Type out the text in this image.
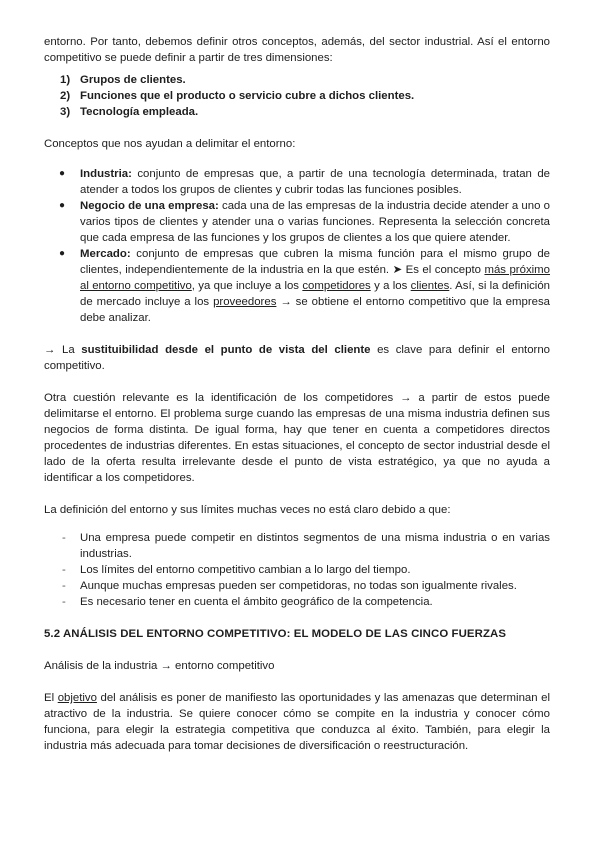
entorno. Por tanto, debemos definir otros conceptos, además, del sector industrial. Así el entorno competitivo se puede definir a partir de tres dimensiones:

1) Grupos de clientes.
2) Funciones que el producto o servicio cubre a dichos clientes.
3) Tecnología empleada.

Conceptos que nos ayudan a delimitar el entorno:

● Industria: conjunto de empresas que, a partir de una tecnología determinada, tratan de atender a todos los grupos de clientes y cubrir todas las funciones posibles.
● Negocio de una empresa: cada una de las empresas de la industria decide atender a uno o varios tipos de clientes y atender una o varias funciones. Representa la selección concreta que cada empresa de las funciones y los grupos de clientes a los que quiere atender.
● Mercado: conjunto de empresas que cubren la misma función para el mismo grupo de clientes, independientemente de la industria en la que estén. ➤ Es el concepto más próximo al entorno competitivo, ya que incluye a los competidores y a los clientes. Así, si la definición de mercado incluye a los proveedores → se obtiene el entorno competitivo que la empresa debe analizar.

→ La sustituibilidad desde el punto de vista del cliente es clave para definir el entorno competitivo.

Otra cuestión relevante es la identificación de los competidores → a partir de estos puede delimitarse el entorno. El problema surge cuando las empresas de una misma industria definen sus negocios de forma distinta. De igual forma, hay que tener en cuenta a competidores directos procedentes de industrias diferentes. En estas situaciones, el concepto de sector industrial desde el lado de la oferta resulta irrelevante desde el punto de vista estratégico, ya que no ayuda a identificar a los competidores.

La definición del entorno y sus límites muchas veces no está claro debido a que:

- Una empresa puede competir en distintos segmentos de una misma industria o en varias industrias.
- Los límites del entorno competitivo cambian a lo largo del tiempo.
- Aunque muchas empresas pueden ser competidoras, no todas son igualmente rivales.
- Es necesario tener en cuenta el ámbito geográfico de la competencia.
5.2 ANÁLISIS DEL ENTORNO COMPETITIVO: EL MODELO DE LAS CINCO FUERZAS

Análisis de la industria → entorno competitivo

El objetivo del análisis es poner de manifiesto las oportunidades y las amenazas que determinan el atractivo de la industria. Se quiere conocer cómo se compite en la industria y conocer cómo funciona, para elegir la estrategia competitiva que conduzca al éxito. También, para elegir la industria más adecuada para tomar decisiones de diversificación o reestructuración.
